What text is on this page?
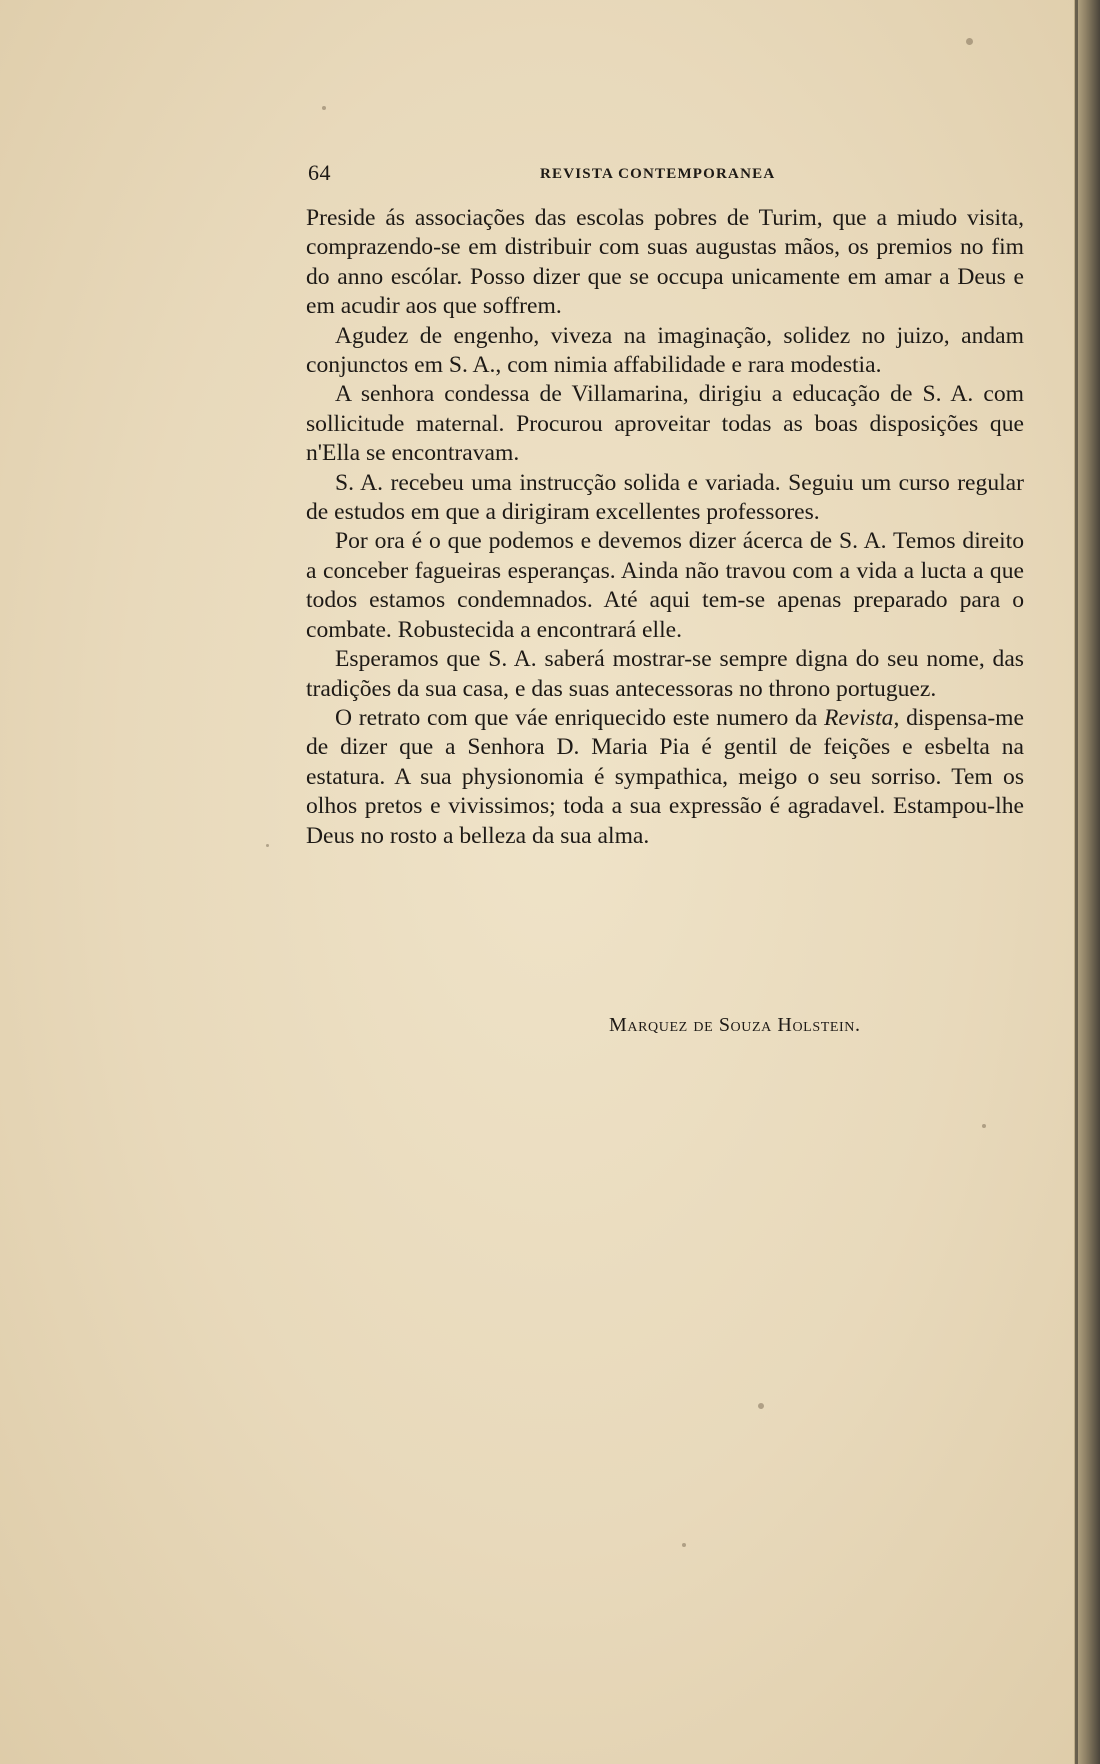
64	REVISTA CONTEMPORANEA

Preside ás associações das escolas pobres de Turim, que a miudo visita, comprazendo-se em distribuir com suas augustas mãos, os premios no fim do anno escólar. Posso dizer que se occupa unicamente em amar a Deus e em acudir aos que soffrem.

Agudez de engenho, viveza na imaginação, solidez no juizo, andam conjunctos em S. A., com nimia affabilidade e rara modestia.

A senhora condessa de Villamarina, dirigiu a educação de S. A. com sollicitude maternal. Procurou aproveitar todas as boas disposições que n'Ella se encontravam.

S. A. recebeu uma instrucção solida e variada. Seguiu um curso regular de estudos em que a dirigiram excellentes professores.

Por ora é o que podemos e devemos dizer ácerca de S. A. Temos direito a conceber fagueiras esperanças. Ainda não travou com a vida a lucta a que todos estamos condemnados. Até aqui tem-se apenas preparado para o combate. Robustecida a encontrará elle.

Esperamos que S. A. saberá mostrar-se sempre digna do seu nome, das tradições da sua casa, e das suas antecessoras no throno portuguez.

O retrato com que váe enriquecido este numero da Revista, dispensa-me de dizer que a Senhora D. Maria Pia é gentil de feições e esbelta na estatura. A sua physionomia é sympathica, meigo o seu sorriso. Tem os olhos pretos e vivissimos; toda a sua expressão é agradavel. Estampou-lhe Deus no rosto a belleza da sua alma.

Marquez de Souza Holstein.
